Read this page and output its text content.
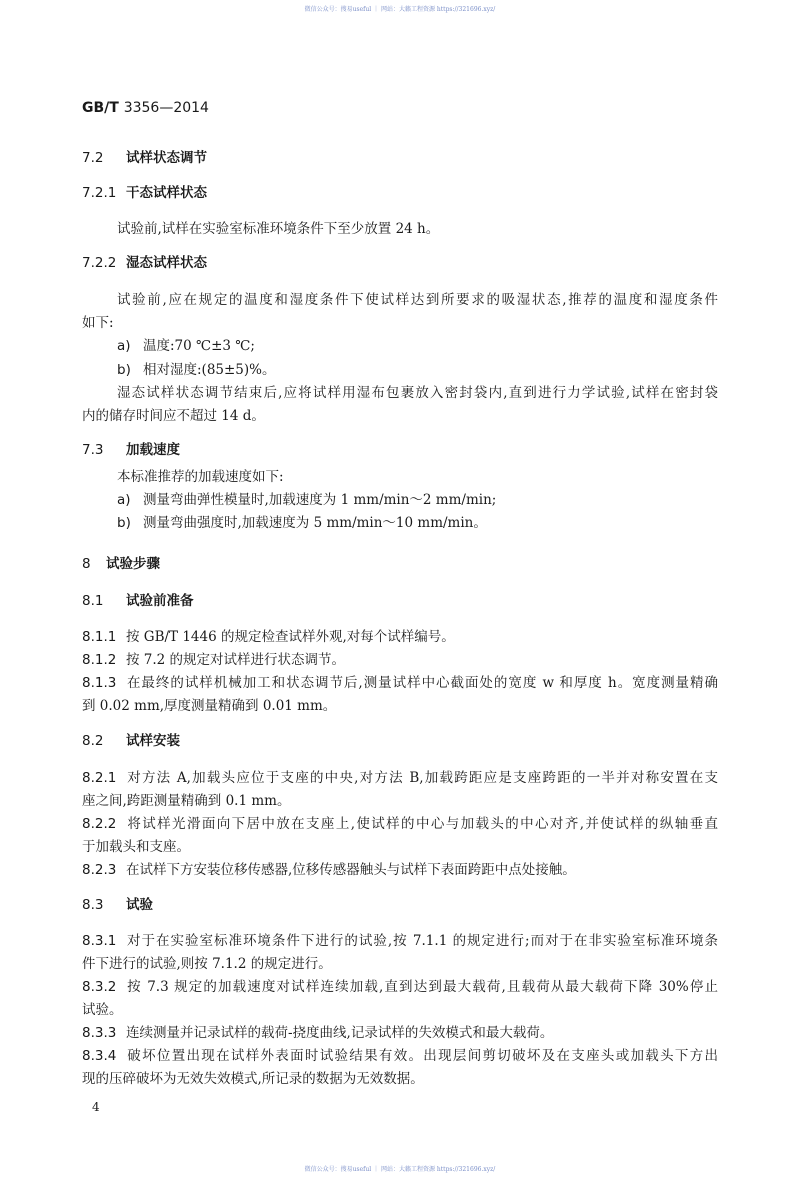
微信公众号：搜易useful ｜ 网站：大籁工程资源 https://321696.xyz/
GB/T 3356—2014
7.2 试样状态调节
7.2.1 干态试样状态
试验前,试样在实验室标准环境条件下至少放置 24 h。
7.2.2 湿态试样状态
试验前,应在规定的温度和湿度条件下使试样达到所要求的吸湿状态,推荐的温度和湿度条件
如下:
a) 温度:70 ℃±3 ℃;
b) 相对湿度:(85±5)%。
湿态试样状态调节结束后,应将试样用湿布包裹放入密封袋内,直到进行力学试验,试样在密封袋
内的储存时间应不超过 14 d。
7.3 加载速度
本标准推荐的加载速度如下:
a) 测量弯曲弹性模量时,加载速度为 1 mm/min～2 mm/min;
b) 测量弯曲强度时,加载速度为 5 mm/min～10 mm/min。
8 试验步骤
8.1 试验前准备
8.1.1 按 GB/T 1446 的规定检查试样外观,对每个试样编号。
8.1.2 按 7.2 的规定对试样进行状态调节。
8.1.3 在最终的试样机械加工和状态调节后,测量试样中心截面处的宽度 w 和厚度 h。宽度测量精确
到 0.02 mm,厚度测量精确到 0.01 mm。
8.2 试样安装
8.2.1 对方法 A,加载头应位于支座的中央,对方法 B,加载跨距应是支座跨距的一半并对称安置在支
座之间,跨距测量精确到 0.1 mm。
8.2.2 将试样光滑面向下居中放在支座上,使试样的中心与加载头的中心对齐,并使试样的纵轴垂直
于加载头和支座。
8.2.3 在试样下方安装位移传感器,位移传感器触头与试样下表面跨距中点处接触。
8.3 试验
8.3.1 对于在实验室标准环境条件下进行的试验,按 7.1.1 的规定进行;而对于在非实验室标准环境条
件下进行的试验,则按 7.1.2 的规定进行。
8.3.2 按 7.3 规定的加载速度对试样连续加载,直到达到最大载荷,且载荷从最大载荷下降 30%停止
试验。
8.3.3 连续测量并记录试样的载荷-挠度曲线,记录试样的失效模式和最大载荷。
8.3.4 破坏位置出现在试样外表面时试验结果有效。出现层间剪切破坏及在支座头或加载头下方出
现的压碎破坏为无效失效模式,所记录的数据为无效数据。
4
微信公众号：搜易useful ｜ 网站：大籁工程资源 https://321696.xyz/
